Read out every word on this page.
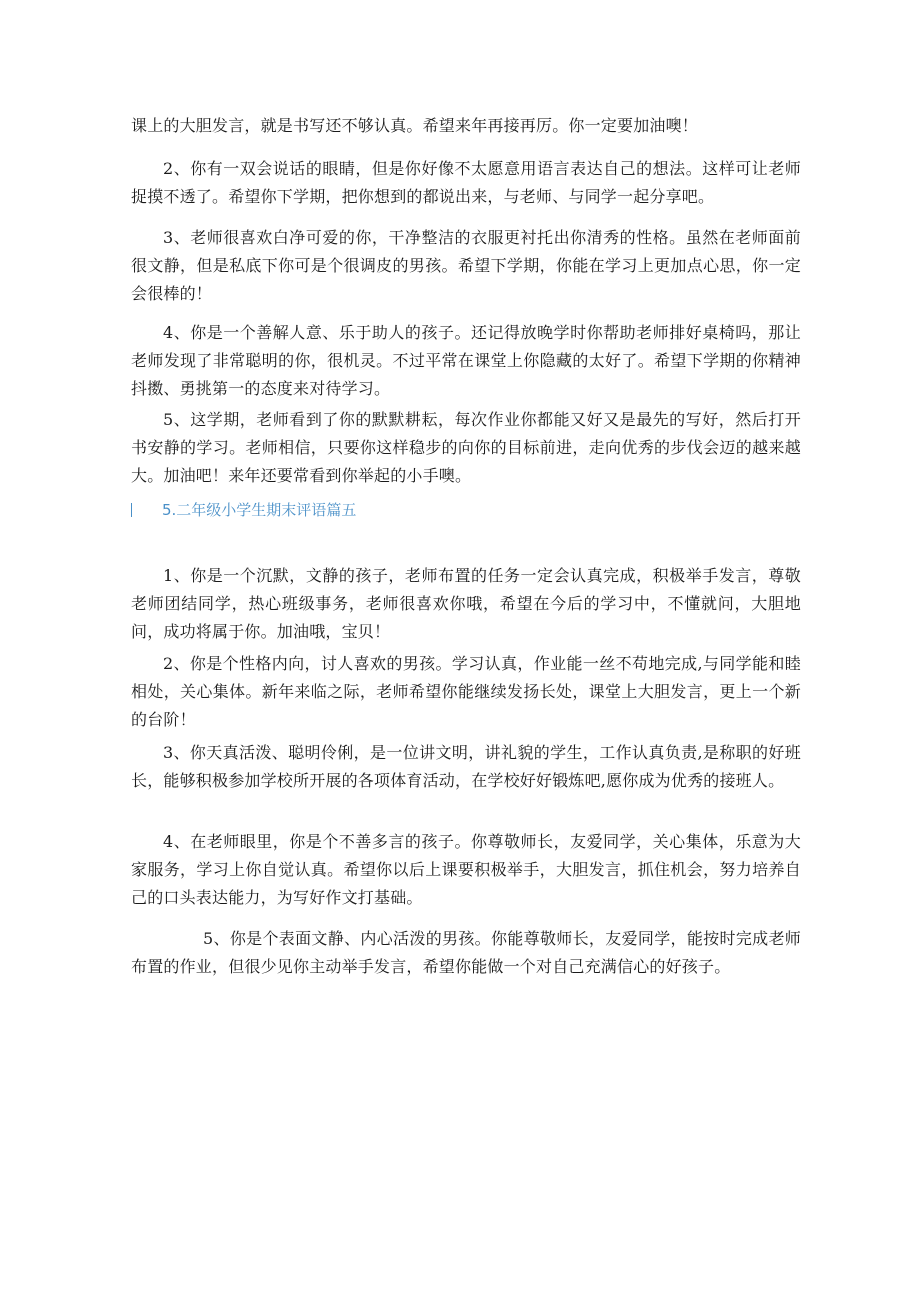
课上的大胆发言，就是书写还不够认真。希望来年再接再厉。你一定要加油噢！

2、你有一双会说话的眼睛，但是你好像不太愿意用语言表达自己的想法。这样可让老师捉摸不透了。希望你下学期，把你想到的都说出来，与老师、与同学一起分享吧。

3、老师很喜欢白净可爱的你，干净整洁的衣服更衬托出你清秀的性格。虽然在老师面前很文静，但是私底下你可是个很调皮的男孩。希望下学期，你能在学习上更加点心思，你一定会很棒的！

4、你是一个善解人意、乐于助人的孩子。还记得放晚学时你帮助老师排好桌椅吗，那让老师发现了非常聪明的你，很机灵。不过平常在课堂上你隐藏的太好了。希望下学期的你精神抖擞、勇挑第一的态度来对待学习。

5、这学期，老师看到了你的默默耕耘，每次作业你都能又好又是最先的写好，然后打开书安静的学习。老师相信，只要你这样稳步的向你的目标前进，走向优秀的步伐会迈的越来越大。加油吧！来年还要常看到你举起的小手噢。

5.二年级小学生期末评语篇五

1、你是一个沉默，文静的孩子，老师布置的任务一定会认真完成，积极举手发言，尊敬老师团结同学，热心班级事务，老师很喜欢你哦，希望在今后的学习中，不懂就问，大胆地问，成功将属于你。加油哦，宝贝！

2、你是个性格内向，讨人喜欢的男孩。学习认真，作业能一丝不苟地完成,与同学能和睦相处，关心集体。新年来临之际，老师希望你能继续发扬长处，课堂上大胆发言，更上一个新的台阶！

3、你天真活泼、聪明伶俐，是一位讲文明，讲礼貌的学生，工作认真负责,是称职的好班长，能够积极参加学校所开展的各项体育活动，在学校好好锻炼吧,愿你成为优秀的接班人。

4、在老师眼里，你是个不善多言的孩子。你尊敬师长，友爱同学，关心集体，乐意为大家服务，学习上你自觉认真。希望你以后上课要积极举手，大胆发言，抓住机会，努力培养自己的口头表达能力，为写好作文打基础。

5、你是个表面文静、内心活泼的男孩。你能尊敬师长，友爱同学，能按时完成老师布置的作业，但很少见你主动举手发言，希望你能做一个对自己充满信心的好孩子。
